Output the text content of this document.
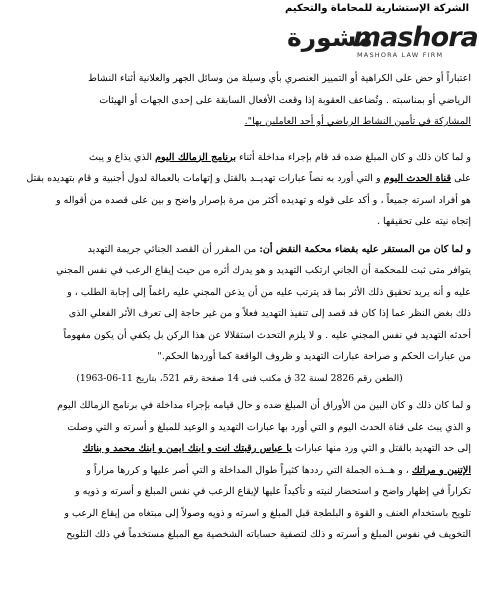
الشركة الإستشارية للمحاماة والتحكيم
مشورة
mashora
MASHORA LAW FIRM

اعتباراً أو حض على الكراهية أو التمييز العنصري بأي وسيلة من وسائل الجهر والعلانية أثناء النشاط

الرياضي أو بمناسبته . وتُضاعف العقوبة إذا وقعت الأفعال السابقة على إحدى الجهات أو الهيئات

المشاركة في تأمين النشاط الرياضي أو أحد العاملين بها".

و لما كان ذلك و كان المبلغ ضده قد قام بإجراء مداخلة أثناء برنامج الزمالك اليوم الذي يذاع و يبث

على قناة الحدث اليوم و التي أورد به نصاً عبارات تهديــد بالقتل و إتهامات بالعمالة لدول أجنبية و قام بتهديده بقتل

هو أفراد اسرته جميعاً ، و أكد على قوله و تهديده أكثر من مرة بإصرار واضح و بين على قصده من أقواله و

إتجاه نيته على تحقيقها .

و لما كان من المستقر عليه بقضاء محكمة النقض أن: من المقرر أن القصد الجنائي جريمة التهديد

يتوافر متى ثبت للمحكمة أن الجاني ارتكب التهديد و هو يدرك أثره من حيث إيقاع الرعب في نفس المجني

عليه و أنه يريد تحقيق ذلك الأثر بما قد يترتب عليه من أن يذعن المجني عليه راغماً إلى إجابة الطلب ، و

ذلك بغض النظر عما إذا كان قد قصد إلى تنفيذ التهديد فعلاً و من غير حاجة إلى تعرف الأثر الفعلي الذى

أحدثه التهديد في نفس المجني عليه . و لا يلزم التحدث استقلالا عن هذا الركن بل يكفي أن يكون مفهوماً

من عبارات الحكم و صراحة عبارات التهديد و ظروف الواقعة كما أوردها الحكم."

(الطعن رقم 2826 لسنة 32 ق مكتب فنى 14 صفحة رقم 521، بتاريخ 11-06-1963)

و لما كان ذلك و كان البين من الأوراق أن المبلغ ضده و حال قيامه بإجراء مداخلة في برنامج الزمالك اليوم

و الذي يبث على قناة الحدث اليوم و التي أورد بها عبارات التهديد و الوعيد للمبلغ و أسرته و التي وصلت

إلى حد التهديد بالقتل و التي ورد منها عبارات يا عباس رقبتك انت و ابنك ايمن و ابنك محمد و بناتك

الإتنين و مراتك ، و هــذه الجملة التي رددها كثيراً طوال المداخلة و التي أصر عليها و كررها مراراً و

تكراراً في إظهار واضح و استحضار لنيته و تأكيداً عليها لإيقاع الرعب في نفس المبلغ و أسرته و ذويه و

تلويح باستخدام العنف و القوة و البلطجة قبل المبلغ و اسرته و ذويه وصولاً إلى مبتغاه من إيقاع الرعب و

التخويف في نفوس المبلغ و أسرته و ذلك لتصفية حساباته الشخصية مع المبلغ مستخدماً في ذلك التلويح
